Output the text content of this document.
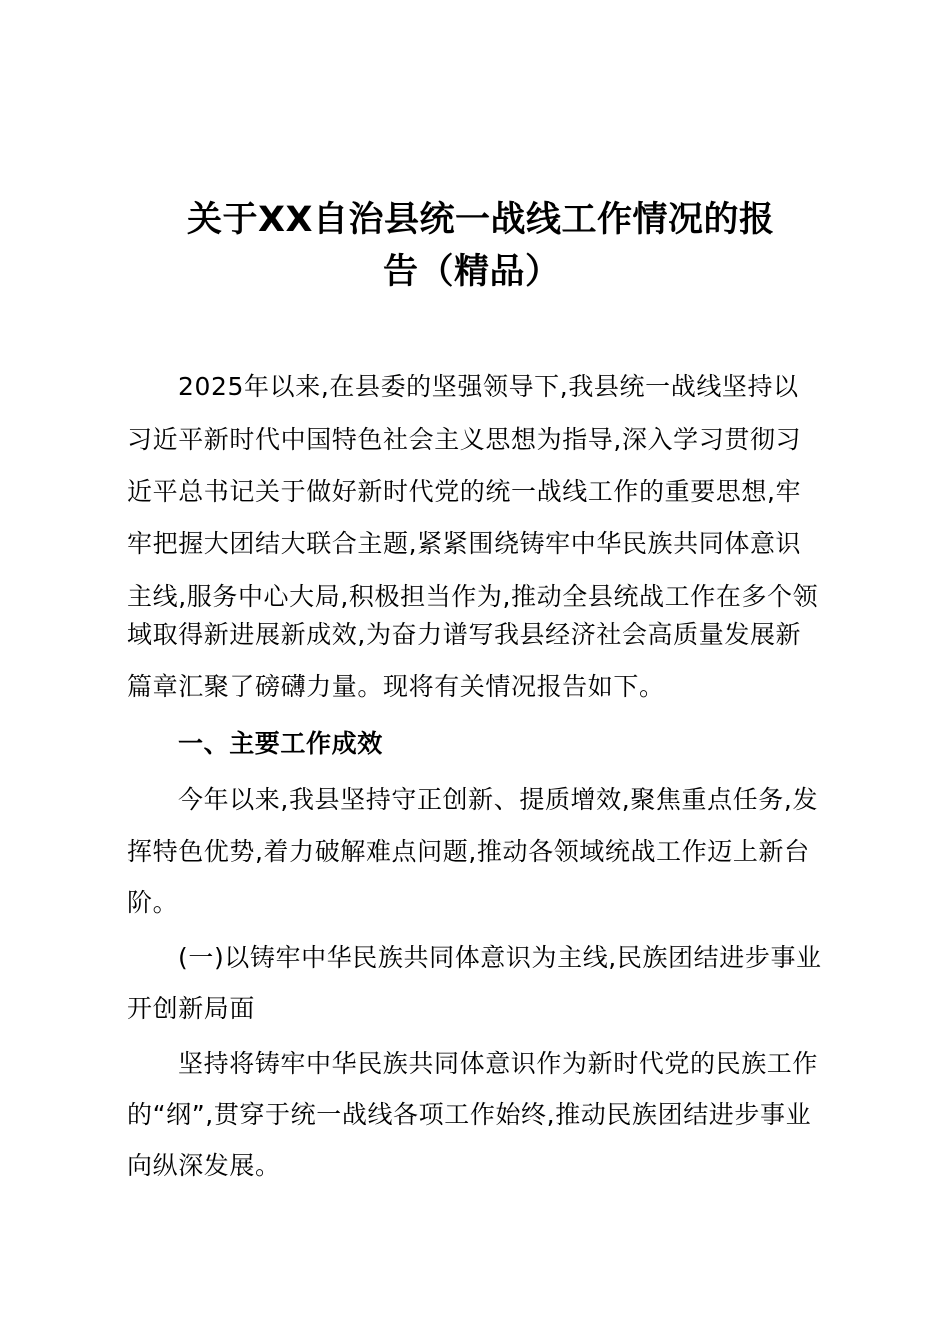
关于XX自治县统一战线工作情况的报
告（精品）
2025年以来,在县委的坚强领导下,我县统一战线坚持以
习近平新时代中国特色社会主义思想为指导,深入学习贯彻习
近平总书记关于做好新时代党的统一战线工作的重要思想,牢
牢把握大团结大联合主题,紧紧围绕铸牢中华民族共同体意识
主线,服务中心大局,积极担当作为,推动全县统战工作在多个领
域取得新进展新成效,为奋力谱写我县经济社会高质量发展新
篇章汇聚了磅礴力量。现将有关情况报告如下。
一、主要工作成效
今年以来,我县坚持守正创新、提质增效,聚焦重点任务,发
挥特色优势,着力破解难点问题,推动各领域统战工作迈上新台
阶。
(一)以铸牢中华民族共同体意识为主线,民族团结进步事业
开创新局面
坚持将铸牢中华民族共同体意识作为新时代党的民族工作
的“纲”,贯穿于统一战线各项工作始终,推动民族团结进步事业
向纵深发展。
